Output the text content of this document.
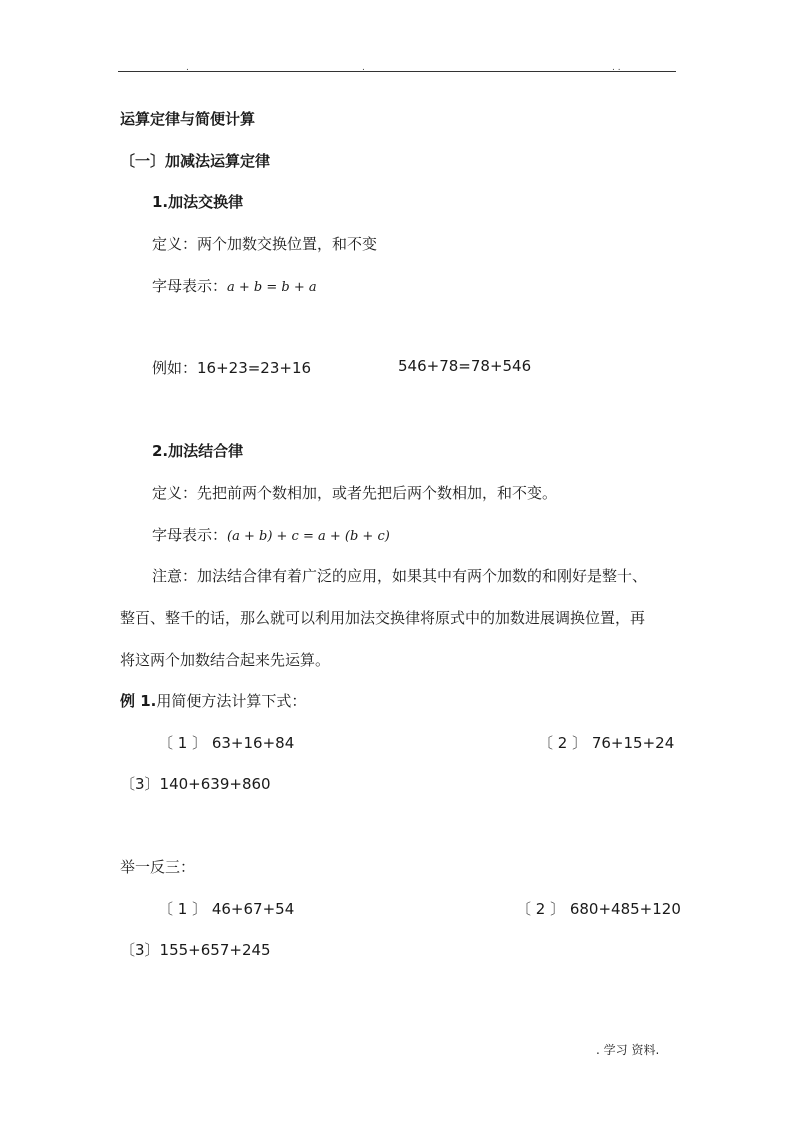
.	.	. .
运算定律与简便计算
〔一〕加减法运算定律
1.加法交换律
定义：两个加数交换位置，和不变
字母表示：a + b = b + a
例如：16+23=23+16	546+78=78+546
2.加法结合律
定义：先把前两个数相加，或者先把后两个数相加，和不变。
字母表示：(a + b) + c = a + (b + c)
注意：加法结合律有着广泛的应用，如果其中有两个加数的和刚好是整十、
整百、整千的话，那么就可以利用加法交换律将原式中的加数进展调换位置，再
将这两个加数结合起来先运算。
例 1.用简便方法计算下式：
〔 1 〕 63+16+84	〔 2 〕 76+15+24
〔3〕140+639+860
举一反三：
〔 1 〕 46+67+54	〔 2 〕 680+485+120
〔3〕155+657+245
. 学习 资料.
